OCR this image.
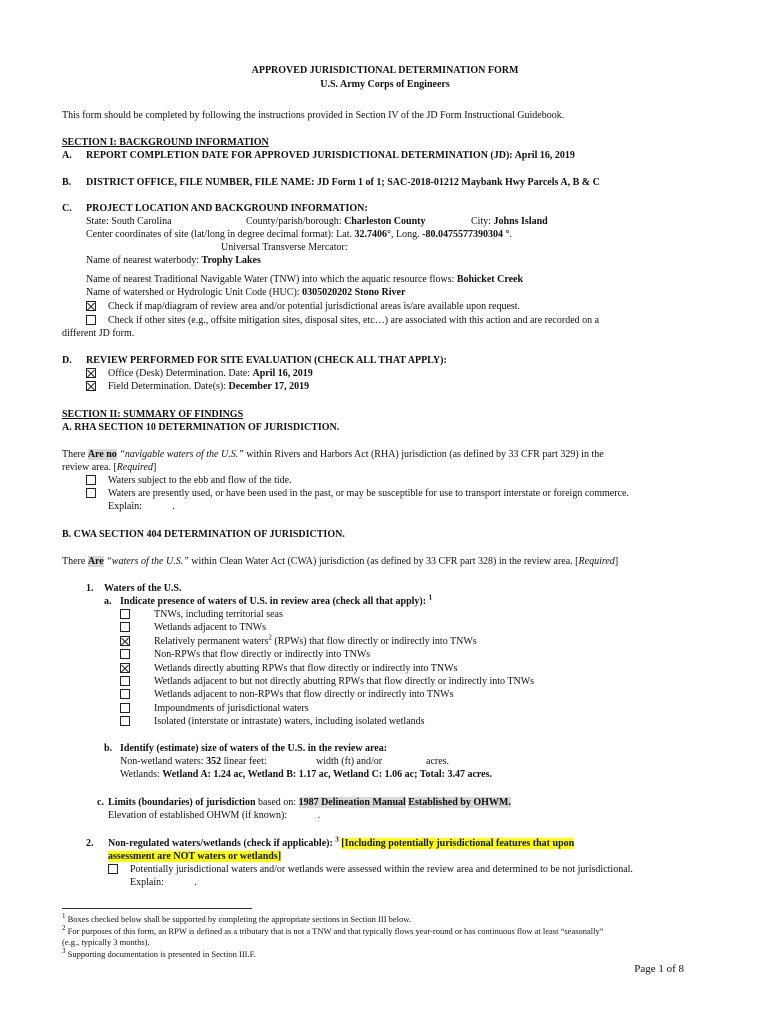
APPROVED JURISDICTIONAL DETERMINATION FORM
U.S. Army Corps of Engineers
This form should be completed by following the instructions provided in Section IV of the JD Form Instructional Guidebook.
SECTION I: BACKGROUND INFORMATION
A. REPORT COMPLETION DATE FOR APPROVED JURISDICTIONAL DETERMINATION (JD): April 16, 2019
B. DISTRICT OFFICE, FILE NUMBER, FILE NAME: JD Form 1 of 1; SAC-2018-01212 Maybank Hwy Parcels A, B & C
C. PROJECT LOCATION AND BACKGROUND INFORMATION:
State: South Carolina	County/parish/borough: Charleston County	City: Johns Island
Center coordinates of site (lat/long in degree decimal format): Lat. 32.7406°, Long. -80.0475577390304 °.
Universal Transverse Mercator:
Name of nearest waterbody: Trophy Lakes
Name of nearest Traditional Navigable Water (TNW) into which the aquatic resource flows: Bohicket Creek
Name of watershed or Hydrologic Unit Code (HUC): 0305020202 Stono River
Check if map/diagram of review area and/or potential jurisdictional areas is/are available upon request.
Check if other sites (e.g., offsite mitigation sites, disposal sites, etc…) are associated with this action and are recorded on a
different JD form.
D. REVIEW PERFORMED FOR SITE EVALUATION (CHECK ALL THAT APPLY):
Office (Desk) Determination. Date: April 16, 2019
Field Determination. Date(s): December 17, 2019
SECTION II: SUMMARY OF FINDINGS
A. RHA SECTION 10 DETERMINATION OF JURISDICTION.
There Are no “navigable waters of the U.S.” within Rivers and Harbors Act (RHA) jurisdiction (as defined by 33 CFR part 329) in the
review area. [Required]
Waters subject to the ebb and flow of the tide.
Waters are presently used, or have been used in the past, or may be susceptible for use to transport interstate or foreign commerce.
Explain:	.
B. CWA SECTION 404 DETERMINATION OF JURISDICTION.
There Are “waters of the U.S.” within Clean Water Act (CWA) jurisdiction (as defined by 33 CFR part 328) in the review area. [Required]
1. Waters of the U.S.
a. Indicate presence of waters of U.S. in review area (check all that apply): $^1$
TNWs, including territorial seas
Wetlands adjacent to TNWs
Relatively permanent waters$^2$ (RPWs) that flow directly or indirectly into TNWs
Non-RPWs that flow directly or indirectly into TNWs
Wetlands directly abutting RPWs that flow directly or indirectly into TNWs
Wetlands adjacent to but not directly abutting RPWs that flow directly or indirectly into TNWs
Wetlands adjacent to non-RPWs that flow directly or indirectly into TNWs
Impoundments of jurisdictional waters
Isolated (interstate or intrastate) waters, including isolated wetlands
b. Identify (estimate) size of waters of the U.S. in the review area:
Non-wetland waters: 352 linear feet:	width (ft) and/or	acres.
Wetlands: Wetland A: 1.24 ac, Wetland B: 1.17 ac, Wetland C: 1.06 ac; Total: 3.47 acres.
c. Limits (boundaries) of jurisdiction based on: 1987 Delineation Manual Established by OHWM.
Elevation of established OHWM (if known):	.
2. Non-regulated waters/wetlands (check if applicable): $^3$ [Including potentially jurisdictional features that upon
assessment are NOT waters or wetlands]
Potentially jurisdictional waters and/or wetlands were assessed within the review area and determined to be not jurisdictional.
Explain:	.
$^1$ Boxes checked below shall be supported by completing the appropriate sections in Section III below.
$^2$ For purposes of this form, an RPW is defined as a tributary that is not a TNW and that typically flows year-round or has continuous flow at least “seasonally”
(e.g., typically 3 months).
$^3$ Supporting documentation is presented in Section III.F.
Page 1 of 8
